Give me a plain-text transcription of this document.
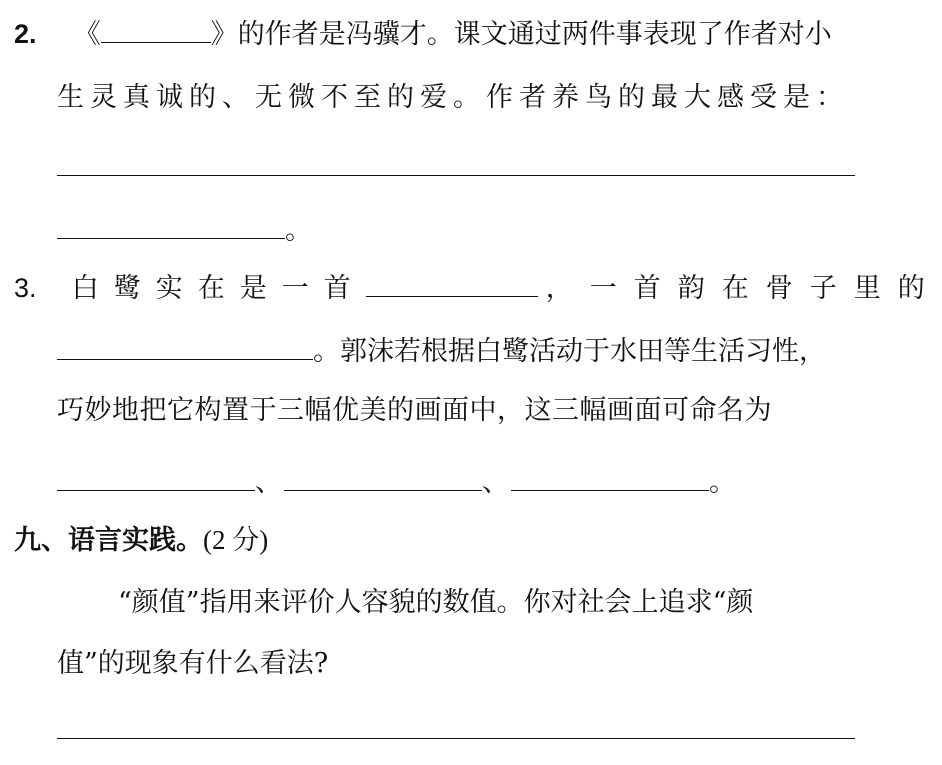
2. 《	》的作者是冯骥才。课文通过两件事表现了作者对小
生灵真诚的、无微不至的爱。作者养鸟的最大感受是：
。
3. 白鹭实在是一首	，一首韵在骨子里的
。郭沫若根据白鹭活动于水田等生活习性，
巧妙地把它构置于三幅优美的画面中，这三幅画面可命名为
、	、	。
九、语言实践。(2 分)
“颜值”指用来评价人容貌的数值。你对社会上追求“颜
值”的现象有什么看法?
